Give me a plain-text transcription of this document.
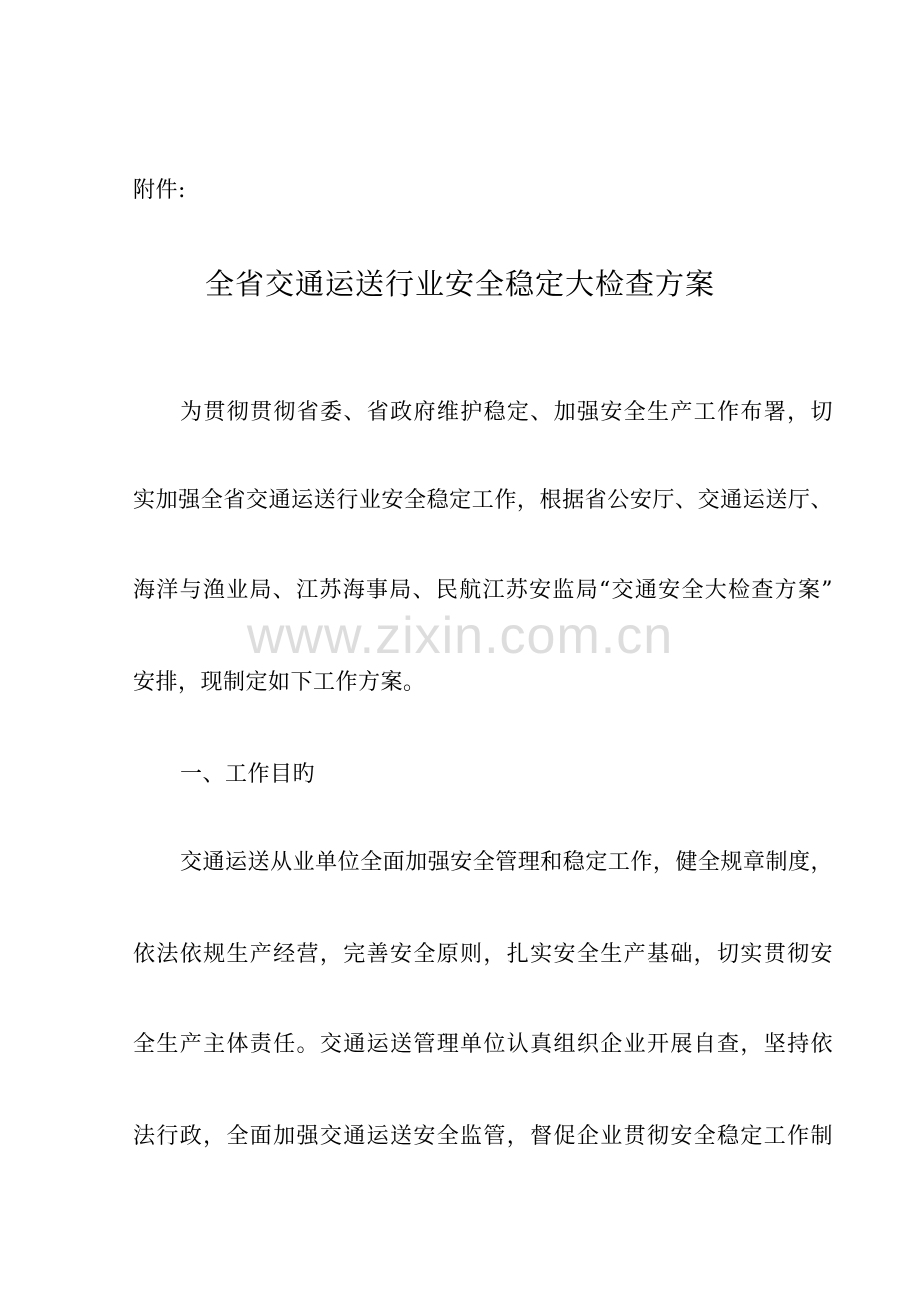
附件:
全省交通运送行业安全稳定大检查方案
www.zixin.com.cn
为贯彻贯彻省委、省政府维护稳定、加强安全生产工作布署，切
实加强全省交通运送行业安全稳定工作，根据省公安厅、交通运送厅、
海洋与渔业局、江苏海事局、民航江苏安监局“交通安全大检查方案”
安排，现制定如下工作方案。
一、工作目旳
交通运送从业单位全面加强安全管理和稳定工作，健全规章制度，
依法依规生产经营，完善安全原则，扎实安全生产基础，切实贯彻安
全生产主体责任。交通运送管理单位认真组织企业开展自查，坚持依
法行政，全面加强交通运送安全监管，督促企业贯彻安全稳定工作制
